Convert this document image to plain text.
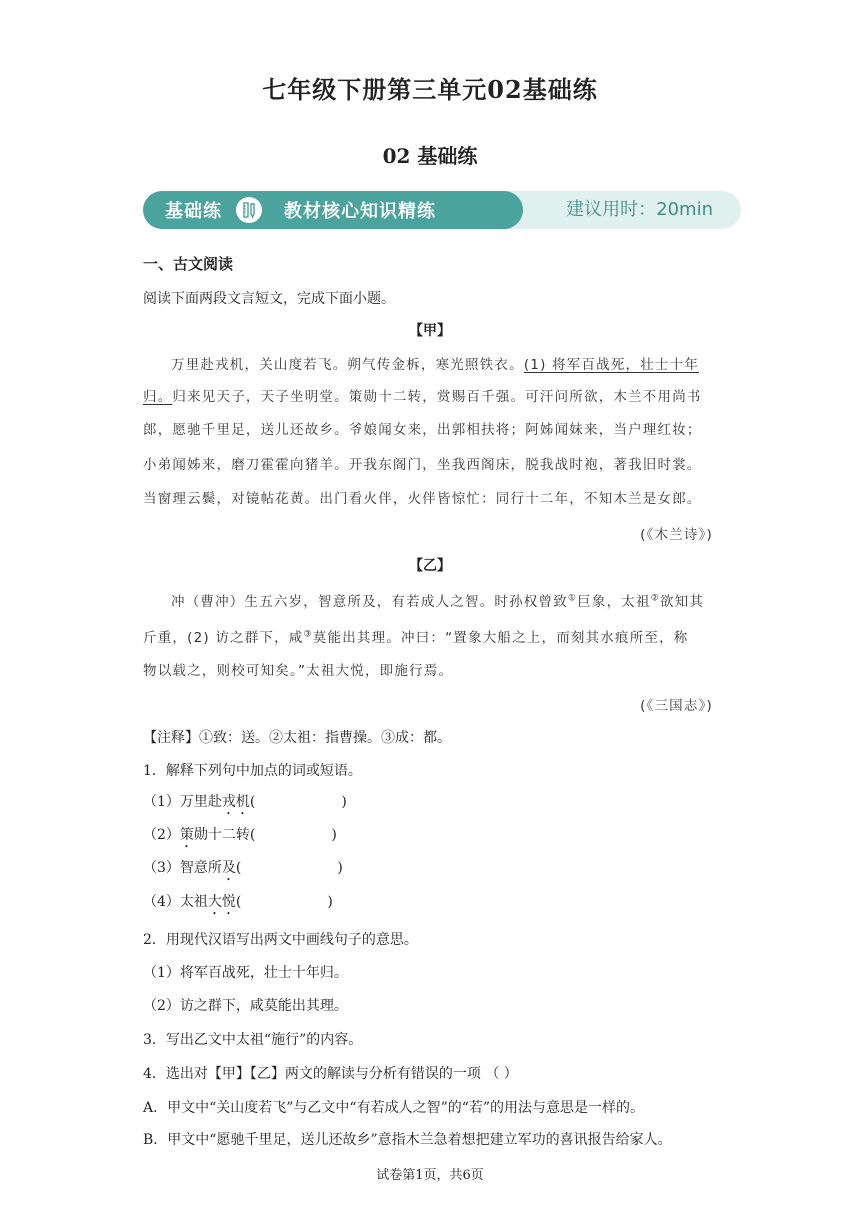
七年级下册第三单元02基础练
02 基础练
基础练	教材核心知识精练	建议用时：20min
一、古文阅读
阅读下面两段文言短文，完成下面小题。
【甲】
万里赴戎机，关山度若飞。朔气传金柝，寒光照铁衣。(1) 将军百战死，壮士十年
归。归来见天子，天子坐明堂。策勋十二转，赏赐百千强。可汗问所欲，木兰不用尚书
郎，愿驰千里足，送儿还故乡。爷娘闻女来，出郭相扶将；阿姊闻妹来，当户理红妆；
小弟闻姊来，磨刀霍霍向猪羊。开我东阁门，坐我西阁床，脱我战时袍，著我旧时裳。
当窗理云鬓，对镜帖花黄。出门看火伴，火伴皆惊忙：同行十二年，不知木兰是女郎。
(《木兰诗》)
【乙】
冲（曹冲）生五六岁，智意所及，有若成人之智。时孙权曾致①巨象，太祖②欲知其
斤重，(2) 访之群下，咸③莫能出其理。冲曰：“置象大船之上，而刻其水痕所至，称
物以载之，则校可知矣。”太祖大悦，即施行焉。
(《三国志》)
【注释】①致：送。②太祖：指曹操。③成：都。
1．解释下列句中加点的词或短语。
（1）万里赴戎机(	)
（2）策勋十二转(	)
（3）智意所及(	)
（4）太祖大悦(	)
2．用现代汉语写出两文中画线句子的意思。
（1）将军百战死，壮士十年归。
（2）访之群下，咸莫能出其理。
3．写出乙文中太祖“施行”的内容。
4．选出对【甲】【乙】两文的解读与分析有错误的一项 （ ）
A．甲文中“关山度若飞”与乙文中“有若成人之智”的“若”的用法与意思是一样的。
B．甲文中“愿驰千里足，送儿还故乡”意指木兰急着想把建立军功的喜讯报告给家人。
试卷第1页，共6页
